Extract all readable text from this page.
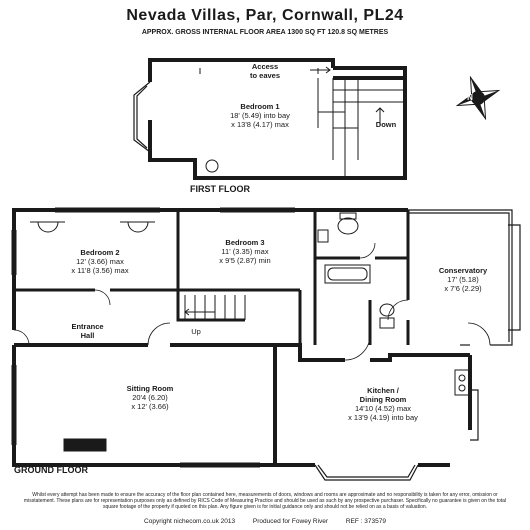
Nevada Villas, Par, Cornwall, PL24
APPROX. GROSS INTERNAL FLOOR AREA 1300 SQ FT 120.8 SQ METRES
N
Access
to eaves
Bedroom 1
18' (5.49) into bay
x 13'8 (4.17) max	Down
FIRST FLOOR
Bedroom 2
12' (3.66) max
x 11'8 (3.56) max
Bedroom 3
11' (3.35) max
x 9'5 (2.87) min
Conservatory
17' (5.18)
x 7'6 (2.29)
Entrance
Hall	Up
Sitting Room
20'4 (6.20)
x 12' (3.66)
Kitchen /
Dining Room
14'10 (4.52) max
x 13'9 (4.19) into bay
GROUND FLOOR
Whilst every attempt has been made to ensure the accuracy of the floor plan contained here, measurements of doors, windows and rooms are approximate and no responsibility is taken for any error, omission or misstatement. These plans are for representation purposes only as defined by RICS Code of Measuring Practice and should be used as such by any prospective purchaser. Specifically no guarantee is given on the total square footage of the property if quoted on this plan. Any figure given is for initial guidance only and should not be relied on as a basis of valuation.
Copyright nichecom.co.uk 2013	Produced for Fowey River	REF : 373579
